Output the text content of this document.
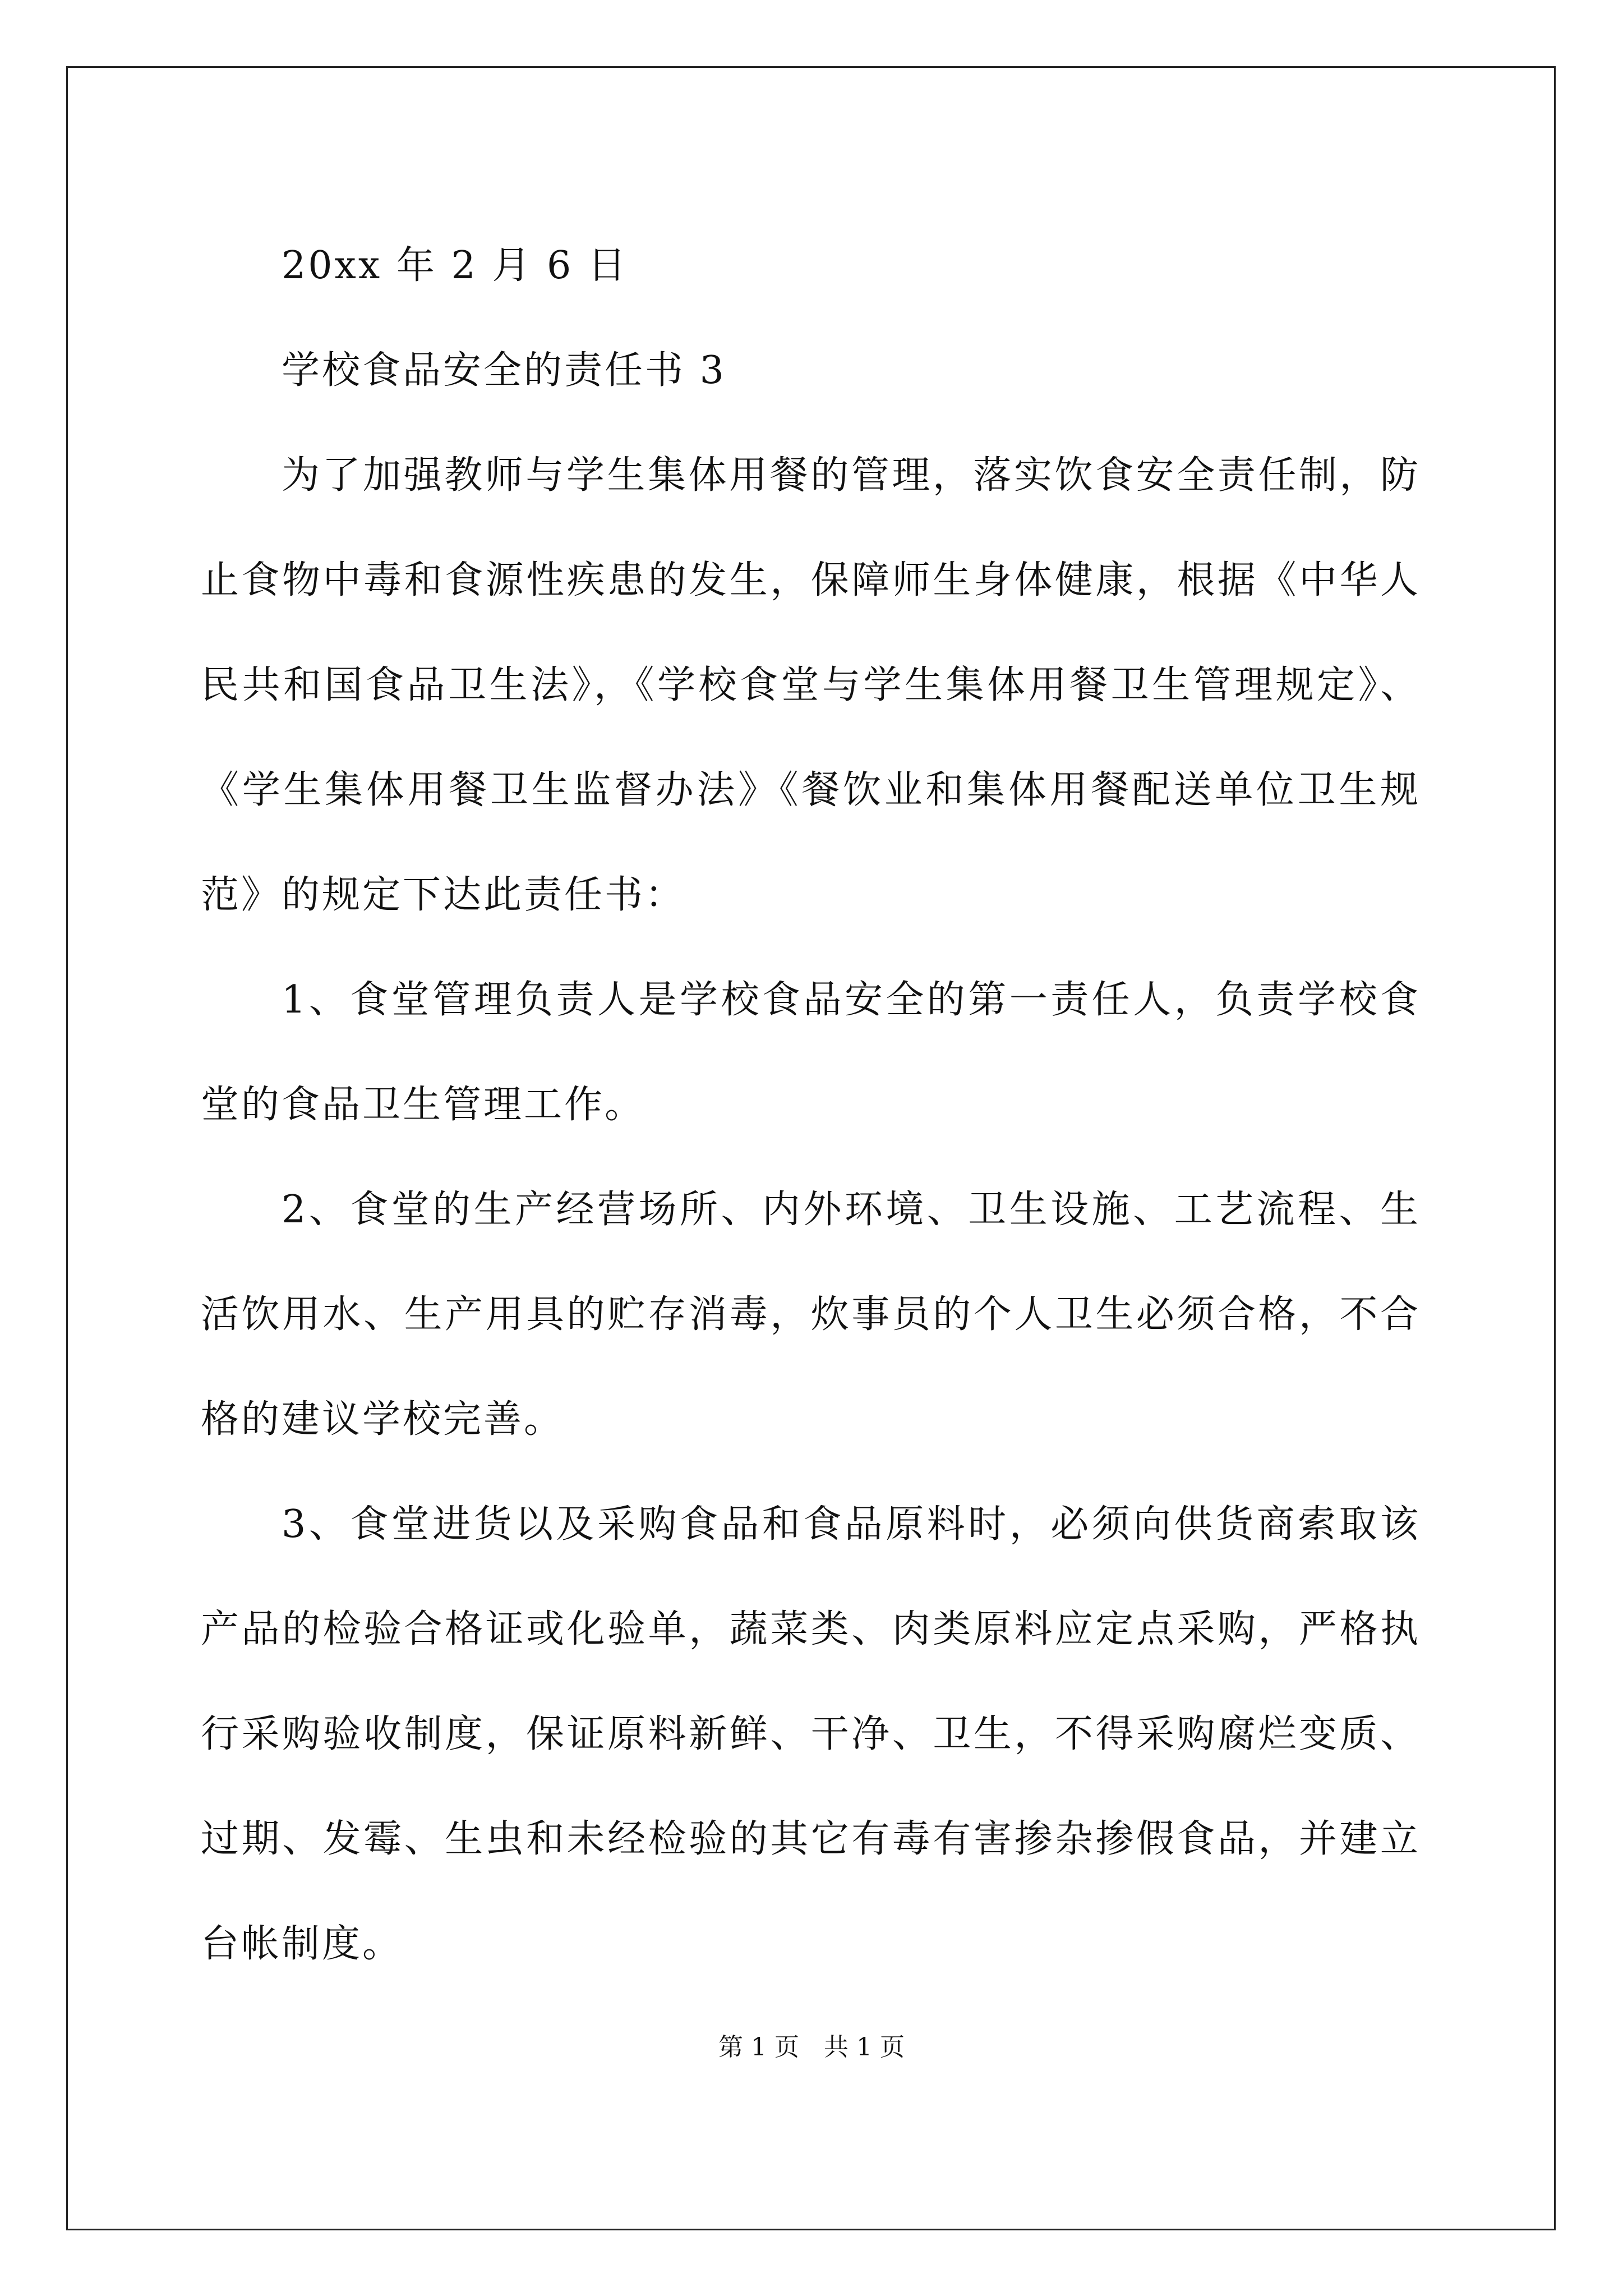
20xx 年 2 月 6 日

学校食品安全的责任书 3

为了加强教师与学生集体用餐的管理，落实饮食安全责任制，防止食物中毒和食源性疾患的发生，保障师生身体健康，根据《中华人民共和国食品卫生法》，《学校食堂与学生集体用餐卫生管理规定》、《学生集体用餐卫生监督办法》《餐饮业和集体用餐配送单位卫生规范》的规定下达此责任书：

1、食堂管理负责人是学校食品安全的第一责任人，负责学校食堂的食品卫生管理工作。

2、食堂的生产经营场所、内外环境、卫生设施、工艺流程、生活饮用水、生产用具的贮存消毒，炊事员的个人卫生必须合格，不合格的建议学校完善。

3、食堂进货以及采购食品和食品原料时，必须向供货商索取该产品的检验合格证或化验单，蔬菜类、肉类原料应定点采购，严格执行采购验收制度，保证原料新鲜、干净、卫生，不得采购腐烂变质、过期、发霉、生虫和未经检验的其它有毒有害掺杂掺假食品，并建立台帐制度。

第 1 页 共 1 页
